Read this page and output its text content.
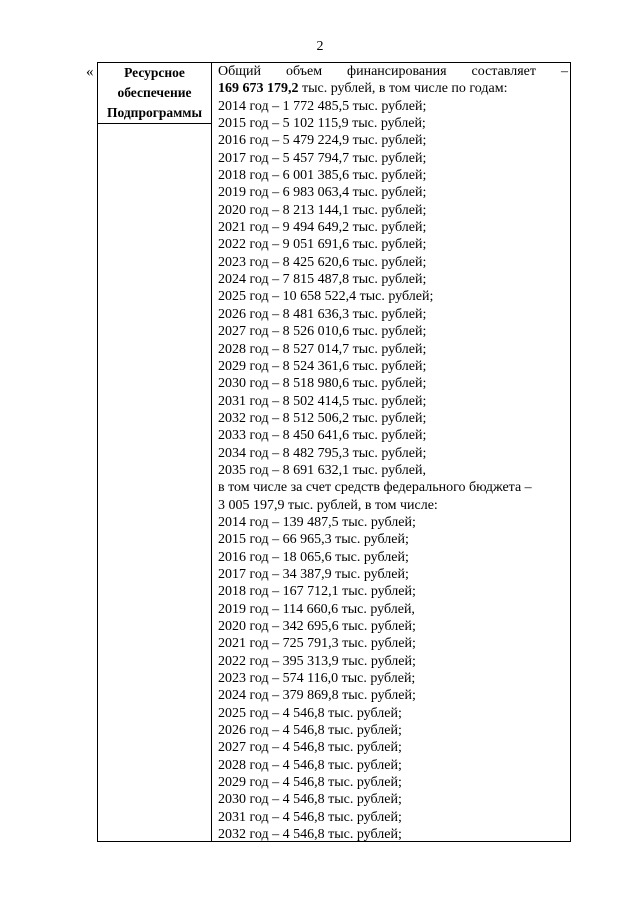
2
«	Ресурсное
обеспечение
Подпрограммы
Общий объем финансирования составляет –
169 673 179,2 тыс. рублей, в том числе по годам:
2014 год – 1 772 485,5 тыс. рублей;
2015 год – 5 102 115,9 тыс. рублей;
2016 год – 5 479 224,9 тыс. рублей;
2017 год – 5 457 794,7 тыс. рублей;
2018 год – 6 001 385,6 тыс. рублей;
2019 год – 6 983 063,4 тыс. рублей;
2020 год – 8 213 144,1 тыс. рублей;
2021 год – 9 494 649,2 тыс. рублей;
2022 год – 9 051 691,6 тыс. рублей;
2023 год – 8 425 620,6 тыс. рублей;
2024 год – 7 815 487,8 тыс. рублей;
2025 год – 10 658 522,4 тыс. рублей;
2026 год – 8 481 636,3 тыс. рублей;
2027 год – 8 526 010,6 тыс. рублей;
2028 год – 8 527 014,7 тыс. рублей;
2029 год – 8 524 361,6 тыс. рублей;
2030 год – 8 518 980,6 тыс. рублей;
2031 год – 8 502 414,5 тыс. рублей;
2032 год – 8 512 506,2 тыс. рублей;
2033 год – 8 450 641,6 тыс. рублей;
2034 год – 8 482 795,3 тыс. рублей;
2035 год – 8 691 632,1 тыс. рублей,
в том числе за счет средств федерального бюджета –
3 005 197,9 тыс. рублей, в том числе:
2014 год – 139 487,5 тыс. рублей;
2015 год – 66 965,3 тыс. рублей;
2016 год – 18 065,6 тыс. рублей;
2017 год – 34 387,9 тыс. рублей;
2018 год – 167 712,1 тыс. рублей;
2019 год – 114 660,6 тыс. рублей,
2020 год – 342 695,6 тыс. рублей;
2021 год – 725 791,3 тыс. рублей;
2022 год – 395 313,9 тыс. рублей;
2023 год – 574 116,0 тыс. рублей;
2024 год – 379 869,8 тыс. рублей;
2025 год – 4 546,8 тыс. рублей;
2026 год – 4 546,8 тыс. рублей;
2027 год – 4 546,8 тыс. рублей;
2028 год – 4 546,8 тыс. рублей;
2029 год – 4 546,8 тыс. рублей;
2030 год – 4 546,8 тыс. рублей;
2031 год – 4 546,8 тыс. рублей;
2032 год – 4 546,8 тыс. рублей;
